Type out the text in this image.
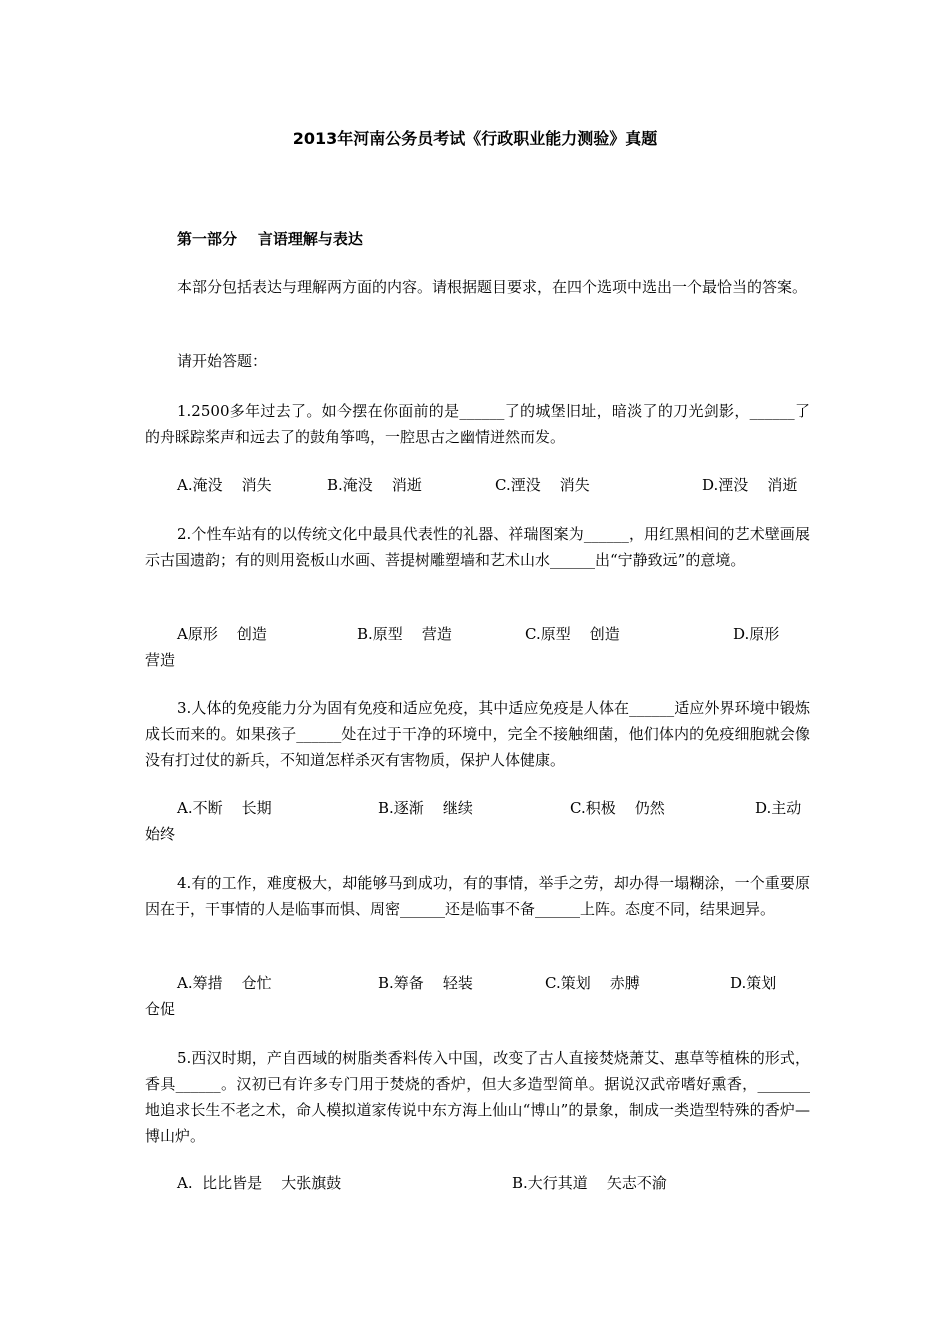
2013年河南公务员考试《行政职业能力测验》真题
第一部分    言语理解与表达
本部分包括表达与理解两方面的内容。请根据题目要求，在四个选项中选出一个最恰当的答案。
请开始答题：
1.2500多年过去了。如今摆在你面前的是______了的城堡旧址，暗淡了的刀光剑影，______了的舟睬踪桨声和远去了的鼓角筝鸣，一腔思古之幽情迸然而发。
A.淹没    消失	B.淹没    消逝	C.湮没    消失	D.湮没    消逝
2.个性车站有的以传统文化中最具代表性的礼器、祥瑞图案为______，用红黑相间的艺术壁画展示古国遗韵；有的则用瓷板山水画、菩提树雕塑墙和艺术山水______出“宁静致远”的意境。
A原形    创造	B.原型    营造	C.原型    创造	D.原形
营造
3.人体的免疫能力分为固有免疫和适应免疫，其中适应免疫是人体在______适应外界环境中锻炼成长而来的。如果孩子______处在过于干净的环境中，完全不接触细菌，他们体内的免疫细胞就会像没有打过仗的新兵，不知道怎样杀灭有害物质，保护人体健康。
A.不断    长期	B.逐渐    继续	C.积极    仍然	D.主动
始终
4.有的工作，难度极大，却能够马到成功，有的事情，举手之劳，却办得一塌糊涂，一个重要原因在于，干事情的人是临事而惧、周密______还是临事不备______上阵。态度不同，结果迥异。
A.筹措    仓忙	B.筹备    轻装	C.策划    赤膊	D.策划
仓促
5.西汉时期，产自西域的树脂类香料传入中国，改变了古人直接焚烧萧艾、惠草等植株的形式，香具______。汉初已有许多专门用于焚烧的香炉，但大多造型简单。据说汉武帝嗜好熏香，_______地追求长生不老之术，命人模拟道家传说中东方海上仙山“博山”的景象，制成一类造型特殊的香炉—博山炉。
A.  比比皆是    大张旗鼓	B.大行其道    矢志不渝
